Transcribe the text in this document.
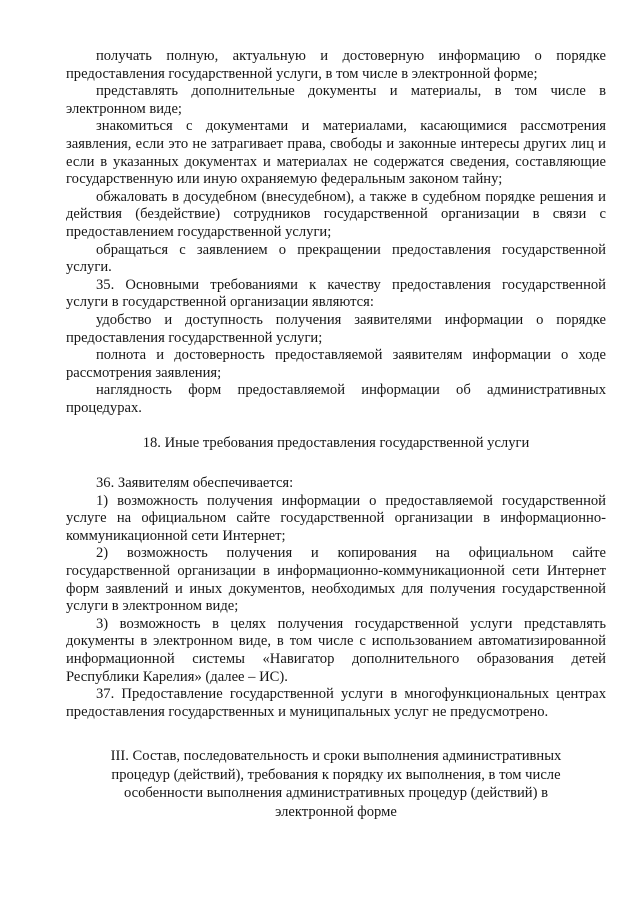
получать полную, актуальную и достоверную информацию о порядке предоставления государственной услуги, в том числе в электронной форме;

представлять дополнительные документы и материалы, в том числе в электронном виде;

знакомиться с документами и материалами, касающимися рассмотрения заявления, если это не затрагивает права, свободы и законные интересы других лиц и если в указанных документах и материалах не содержатся сведения, составляющие государственную или иную охраняемую федеральным законом тайну;

обжаловать в досудебном (внесудебном), а также в судебном порядке решения и действия (бездействие) сотрудников государственной организации в связи с предоставлением государственной услуги;

обращаться с заявлением о прекращении предоставления государственной услуги.

35. Основными требованиями к качеству предоставления государственной услуги в государственной организации являются:

удобство и доступность получения заявителями информации о порядке предоставления государственной услуги;

полнота и достоверность предоставляемой заявителям информации о ходе рассмотрения заявления;

наглядность форм предоставляемой информации об административных процедурах.

18. Иные требования предоставления государственной услуги

36. Заявителям обеспечивается:

1) возможность получения информации о предоставляемой государственной услуге на официальном сайте государственной организации в информационно-коммуникационной сети Интернет;

2) возможность получения и копирования на официальном сайте государственной организации в информационно-коммуникационной сети Интернет форм заявлений и иных документов, необходимых для получения государственной услуги в электронном виде;

3) возможность в целях получения государственной услуги представлять документы в электронном виде, в том числе с использованием автоматизированной информационной системы «Навигатор дополнительного образования детей Республики Карелия» (далее – ИС).

37. Предоставление государственной услуги в многофункциональных центрах предоставления государственных и муниципальных услуг не предусмотрено.

III. Состав, последовательность и сроки выполнения административных процедур (действий), требования к порядку их выполнения, в том числе особенности выполнения административных процедур (действий) в электронной форме
